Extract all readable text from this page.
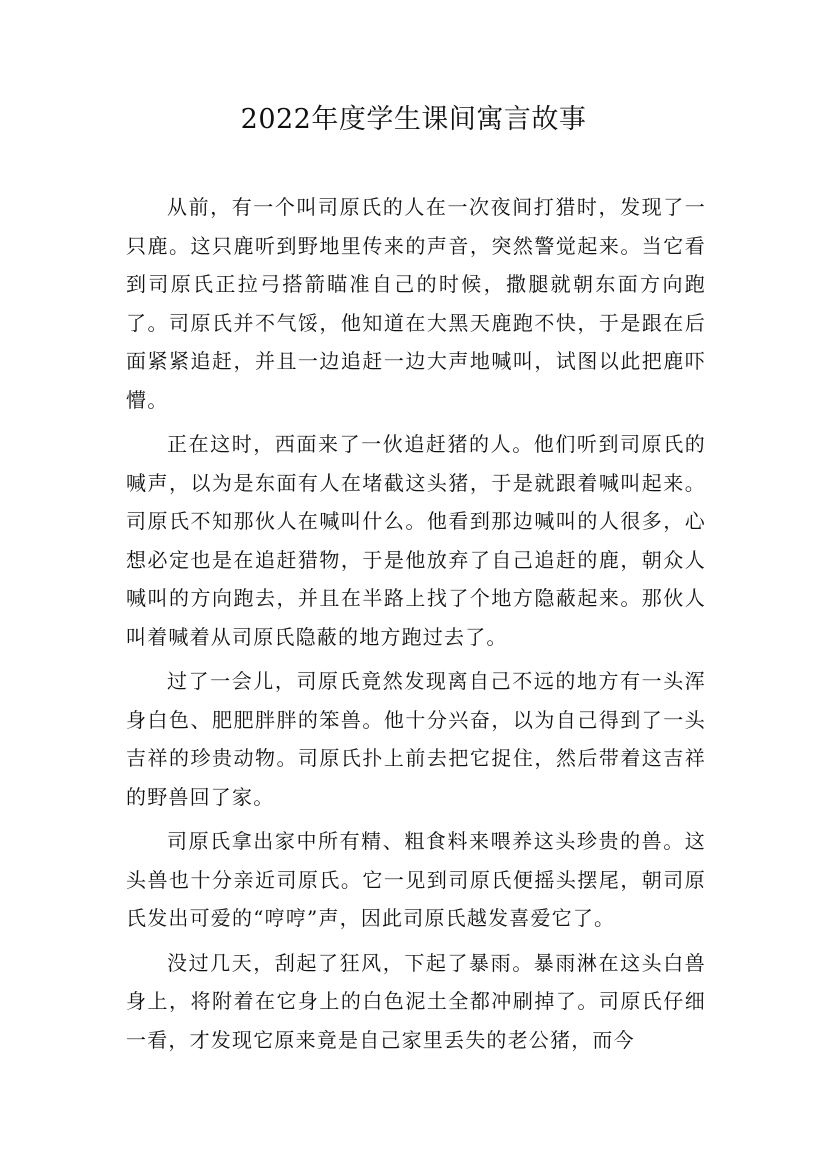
2022年度学生课间寓言故事

从前，有一个叫司原氏的人在一次夜间打猎时，发现了一只鹿。这只鹿听到野地里传来的声音，突然警觉起来。当它看到司原氏正拉弓搭箭瞄准自己的时候，撒腿就朝东面方向跑了。司原氏并不气馁，他知道在大黑天鹿跑不快，于是跟在后面紧紧追赶，并且一边追赶一边大声地喊叫，试图以此把鹿吓懵。

正在这时，西面来了一伙追赶猪的人。他们听到司原氏的喊声，以为是东面有人在堵截这头猪，于是就跟着喊叫起来。司原氏不知那伙人在喊叫什么。他看到那边喊叫的人很多，心想必定也是在追赶猎物，于是他放弃了自己追赶的鹿，朝众人喊叫的方向跑去，并且在半路上找了个地方隐蔽起来。那伙人叫着喊着从司原氏隐蔽的地方跑过去了。

过了一会儿，司原氏竟然发现离自己不远的地方有一头浑身白色、肥肥胖胖的笨兽。他十分兴奋，以为自己得到了一头吉祥的珍贵动物。司原氏扑上前去把它捉住，然后带着这吉祥的野兽回了家。

司原氏拿出家中所有精、粗食料来喂养这头珍贵的兽。这头兽也十分亲近司原氏。它一见到司原氏便摇头摆尾，朝司原氏发出可爱的“哼哼”声，因此司原氏越发喜爱它了。

没过几天，刮起了狂风，下起了暴雨。暴雨淋在这头白兽身上，将附着在它身上的白色泥土全都冲刷掉了。司原氏仔细一看，才发现它原来竟是自己家里丢失的老公猪，而今
